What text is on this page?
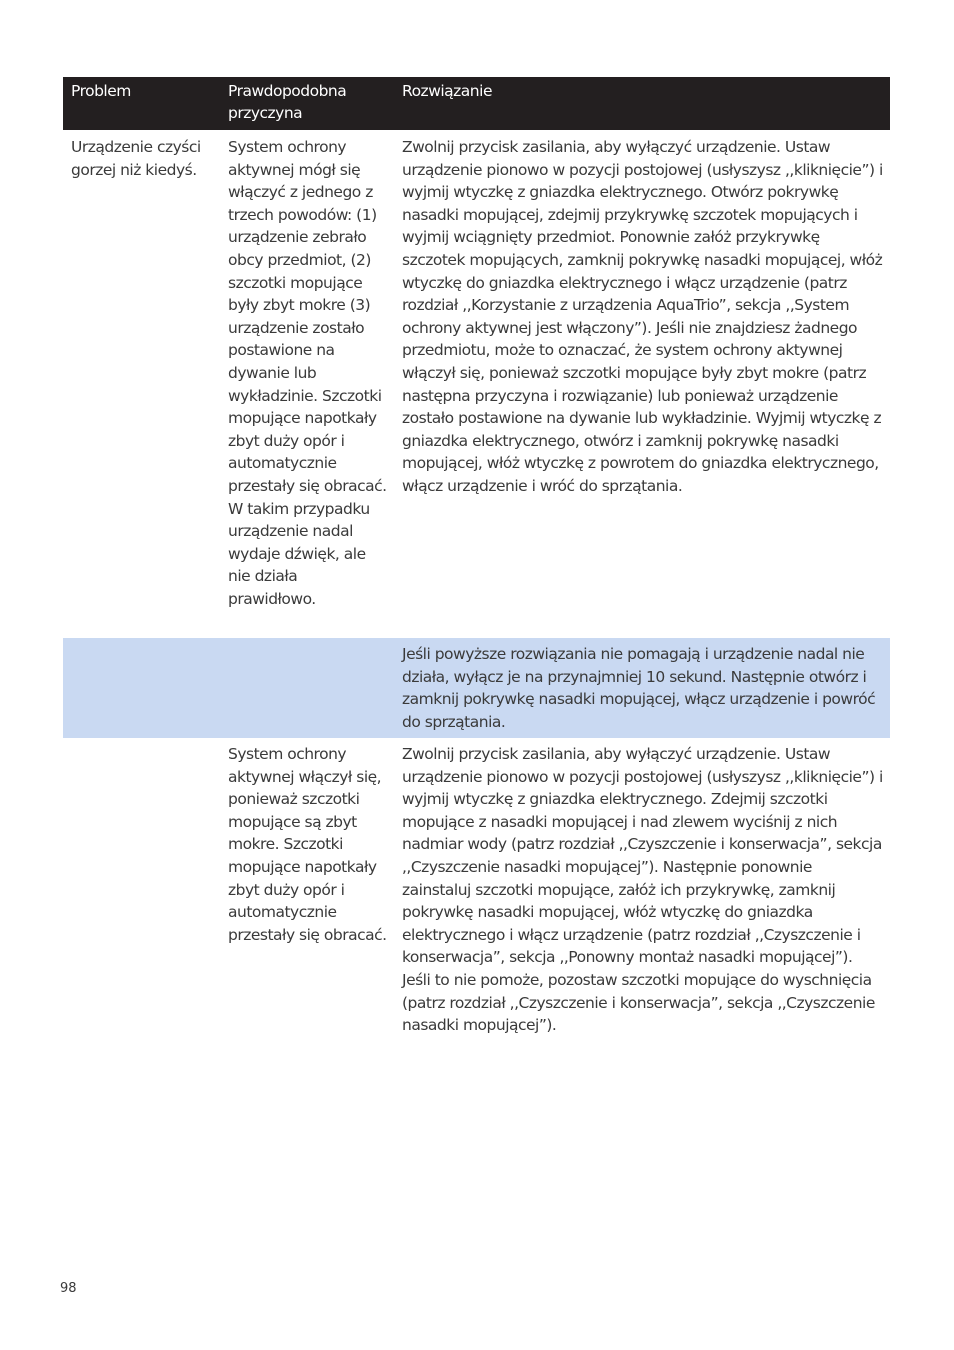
Problem	Prawdopodobna przyczyna
Rozwiązanie
Urządzenie czyści gorzej niż kiedyś.
System ochrony aktywnej mógł się włączyć z jednego z trzech powodów: (1) urządzenie zebrało obcy przedmiot, (2) szczotki mopujące były zbyt mokre (3) urządzenie zostało postawione na dywanie lub wykładzinie. Szczotki mopujące napotkały zbyt duży opór i automatycznie przestały się obracać. W takim przypadku urządzenie nadal wydaje dźwięk, ale nie działa prawidłowo.
Zwolnij przycisk zasilania, aby wyłączyć urządzenie. Ustaw urządzenie pionowo w pozycji postojowej (usłyszysz ,,kliknięcie”) i wyjmij wtyczkę z gniazdka elektrycznego. Otwórz pokrywkę nasadki mopującej, zdejmij przykrywkę szczotek mopujących i wyjmij wciągnięty przedmiot. Ponownie załóż przykrywkę szczotek mopujących, zamknij pokrywkę nasadki mopującej, włóż wtyczkę do gniazdka elektrycznego i włącz urządzenie (patrz rozdział ,,Korzystanie z urządzenia AquaTrio”, sekcja ,,System ochrony aktywnej jest włączony”). Jeśli nie znajdziesz żadnego przedmiotu, może to oznaczać, że system ochrony aktywnej włączył się, ponieważ szczotki mopujące były zbyt mokre (patrz następna przyczyna i rozwiązanie) lub ponieważ urządzenie zostało postawione na dywanie lub wykładzinie. Wyjmij wtyczkę z gniazdka elektrycznego, otwórz i zamknij pokrywkę nasadki mopującej, włóż wtyczkę z powrotem do gniazdka elektrycznego, włącz urządzenie i wróć do sprzątania.
Jeśli powyższe rozwiązania nie pomagają i urządzenie nadal nie działa, wyłącz je na przynajmniej 10 sekund. Następnie otwórz i zamknij pokrywkę nasadki mopującej, włącz urządzenie i powróć do sprzątania.
System ochrony aktywnej włączył się, ponieważ szczotki mopujące są zbyt mokre. Szczotki mopujące napotkały zbyt duży opór i automatycznie przestały się obracać.
Zwolnij przycisk zasilania, aby wyłączyć urządzenie. Ustaw urządzenie pionowo w pozycji postojowej (usłyszysz ,,kliknięcie”) i wyjmij wtyczkę z gniazdka elektrycznego. Zdejmij szczotki mopujące z nasadki mopującej i nad zlewem wyciśnij z nich nadmiar wody (patrz rozdział ,,Czyszczenie i konserwacja”, sekcja ,,Czyszczenie nasadki mopującej”). Następnie ponownie zainstaluj szczotki mopujące, załóż ich przykrywkę, zamknij pokrywkę nasadki mopującej, włóż wtyczkę do gniazdka elektrycznego i włącz urządzenie (patrz rozdział ,,Czyszczenie i konserwacja”, sekcja ,,Ponowny montaż nasadki mopującej”). Jeśli to nie pomoże, pozostaw szczotki mopujące do wyschnięcia (patrz rozdział ,,Czyszczenie i konserwacja”, sekcja ,,Czyszczenie nasadki mopującej”).
98
